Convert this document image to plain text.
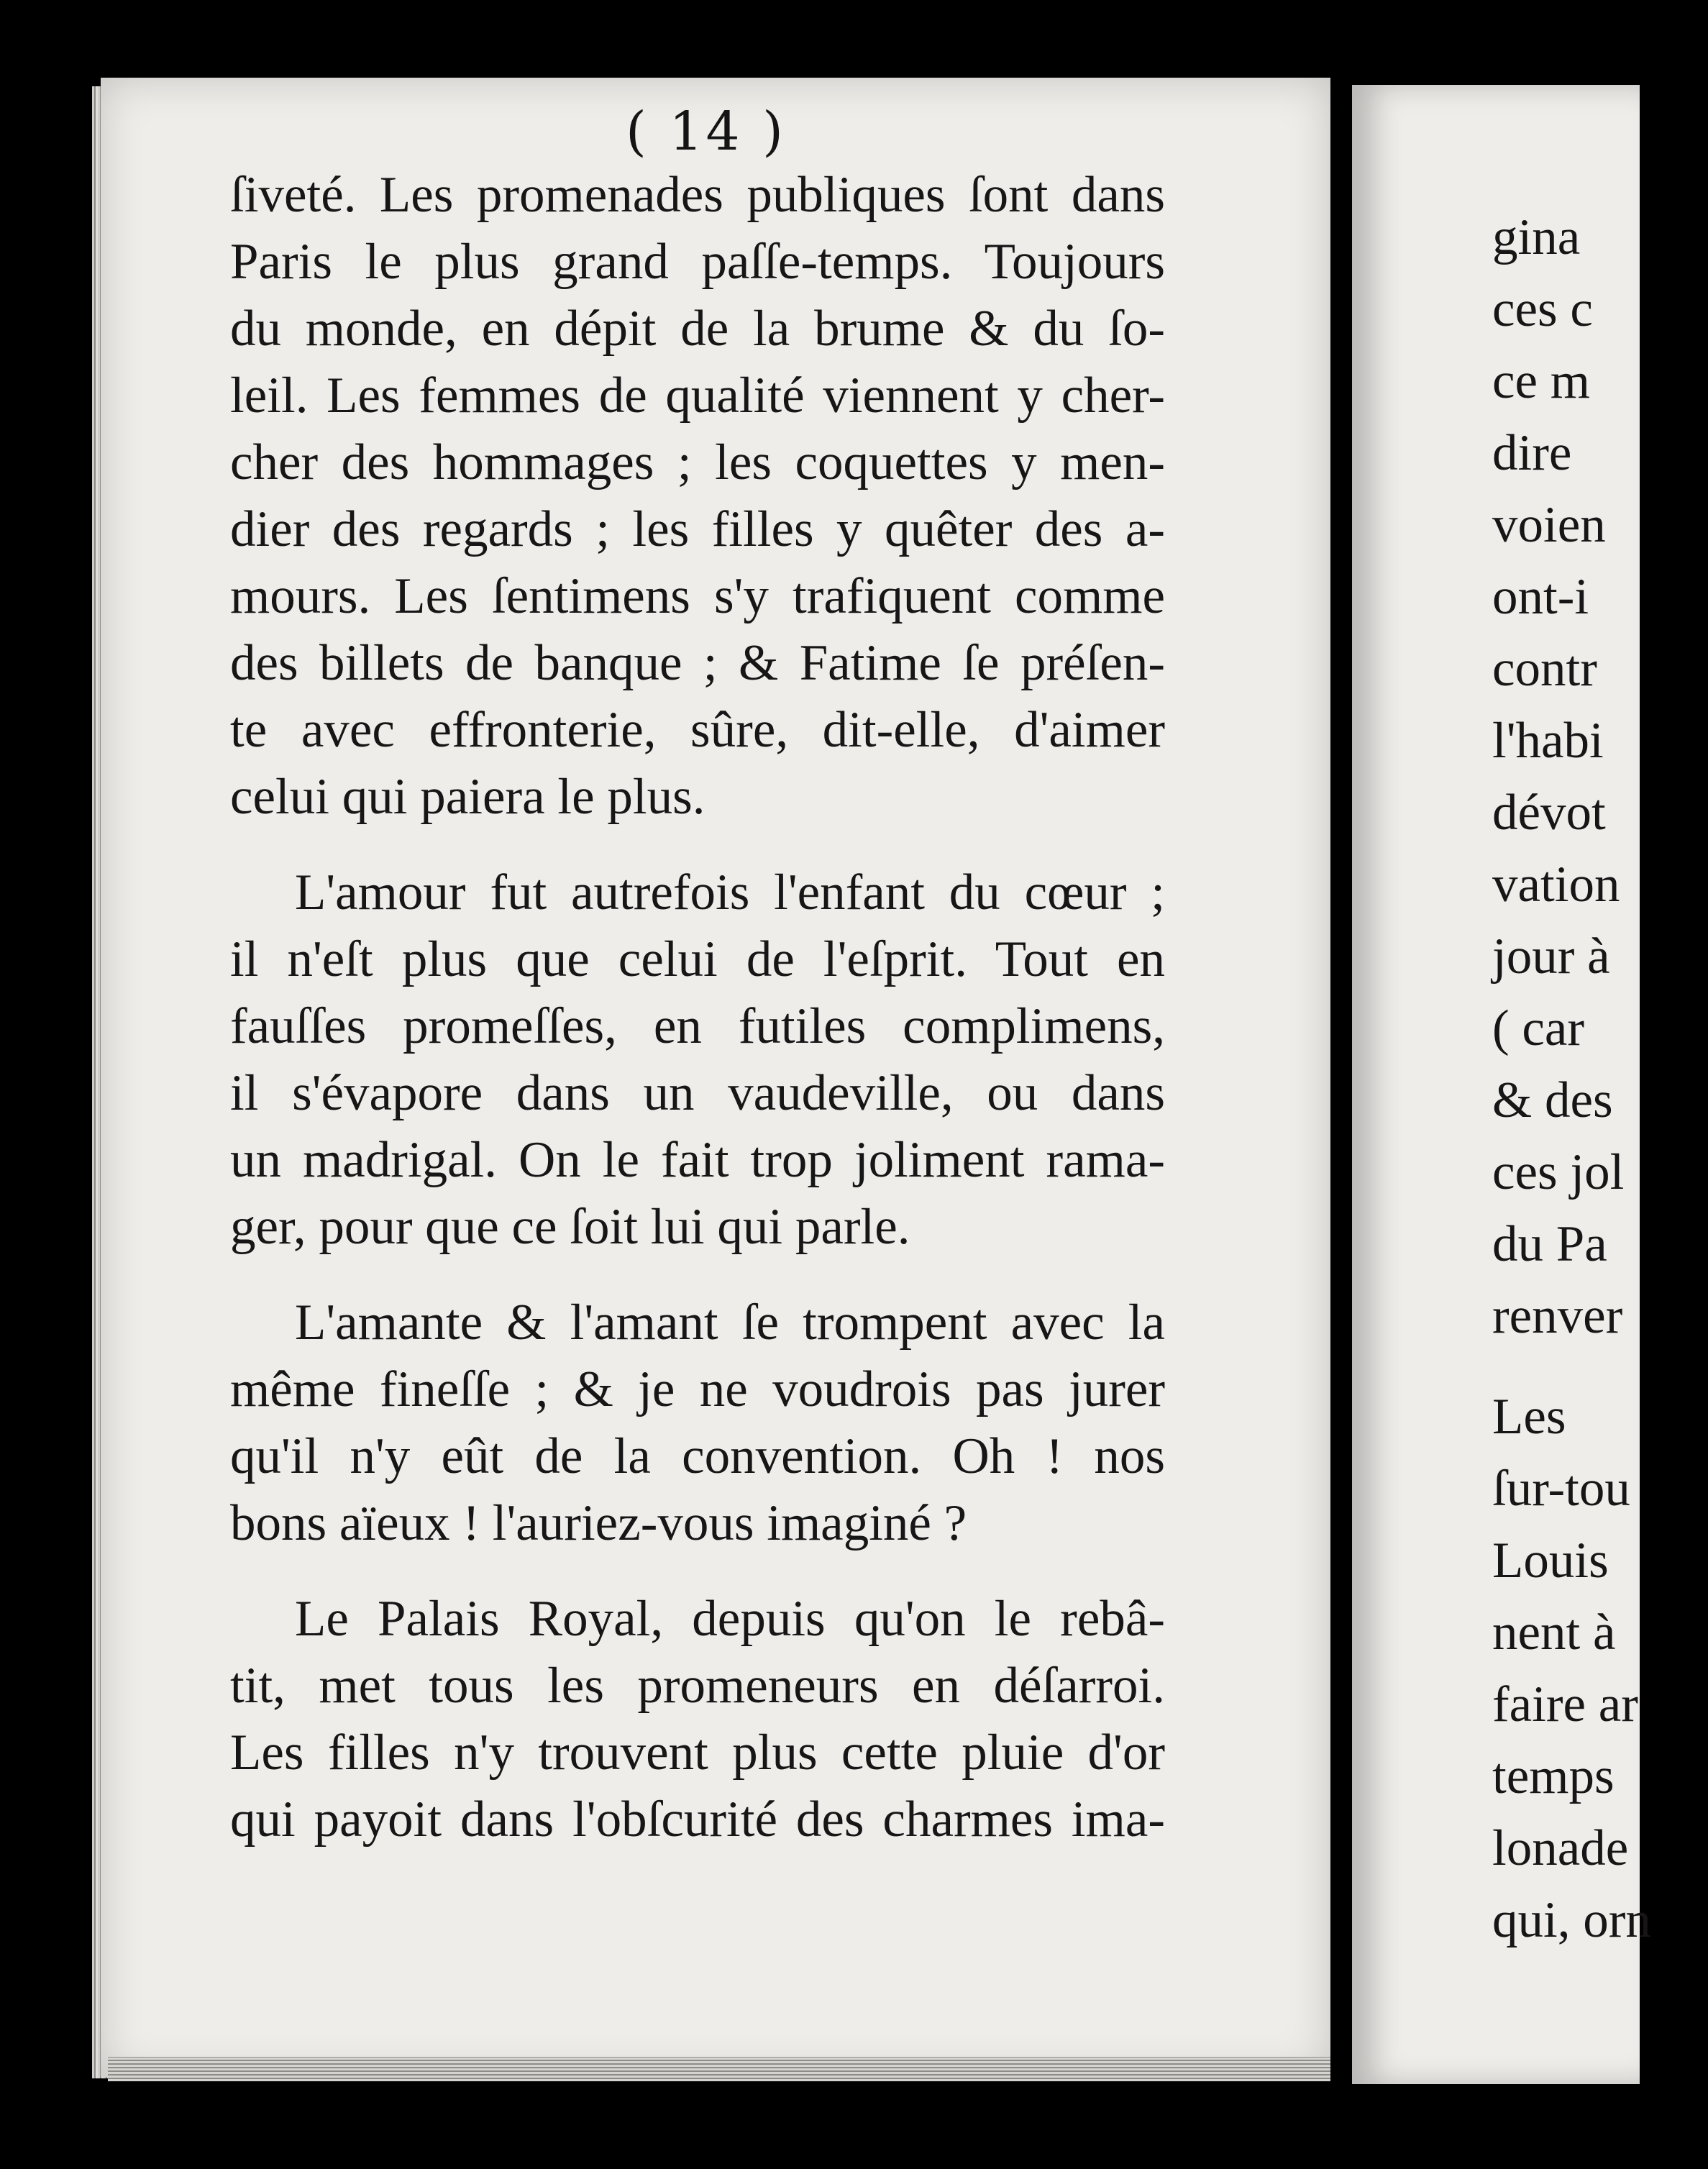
( 14 )
ſiveté. Les promenades publiques ſont dans
Paris le plus grand paſſe-temps. Toujours
du monde, en dépit de la brume & du ſo-
leil. Les femmes de qualité viennent y cher-
cher des hommages ; les coquettes y men-
dier des regards ; les filles y quêter des a-
mours. Les ſentimens s'y trafiquent comme
des billets de banque ; & Fatime ſe préſen-
te avec effronterie, sûre, dit-elle, d'aimer
celui qui paiera le plus.
L'amour fut autrefois l'enfant du cœur ;
il n'eſt plus que celui de l'eſprit. Tout en
fauſſes promeſſes, en futiles complimens,
il s'évapore dans un vaudeville, ou dans
un madrigal. On le fait trop joliment rama-
ger, pour que ce ſoit lui qui parle.
L'amante & l'amant ſe trompent avec la
même fineſſe ; & je ne voudrois pas jurer
qu'il n'y eût de la convention. Oh ! nos
bons aïeux ! l'auriez-vous imaginé ?
Le Palais Royal, depuis qu'on le rebâ-
tit, met tous les promeneurs en déſarroi.
Les filles n'y trouvent plus cette pluie d'or
qui payoit dans l'obſcurité des charmes ima-
gina
ces c
ce m
dire
voien
ont-i
contr
l'habi
dévot
vation
jour à
( car
& des
ces jol
du Pa
renver
Les
ſur-tou
Louis
nent à
faire ar
temps
lonade
qui, orn
